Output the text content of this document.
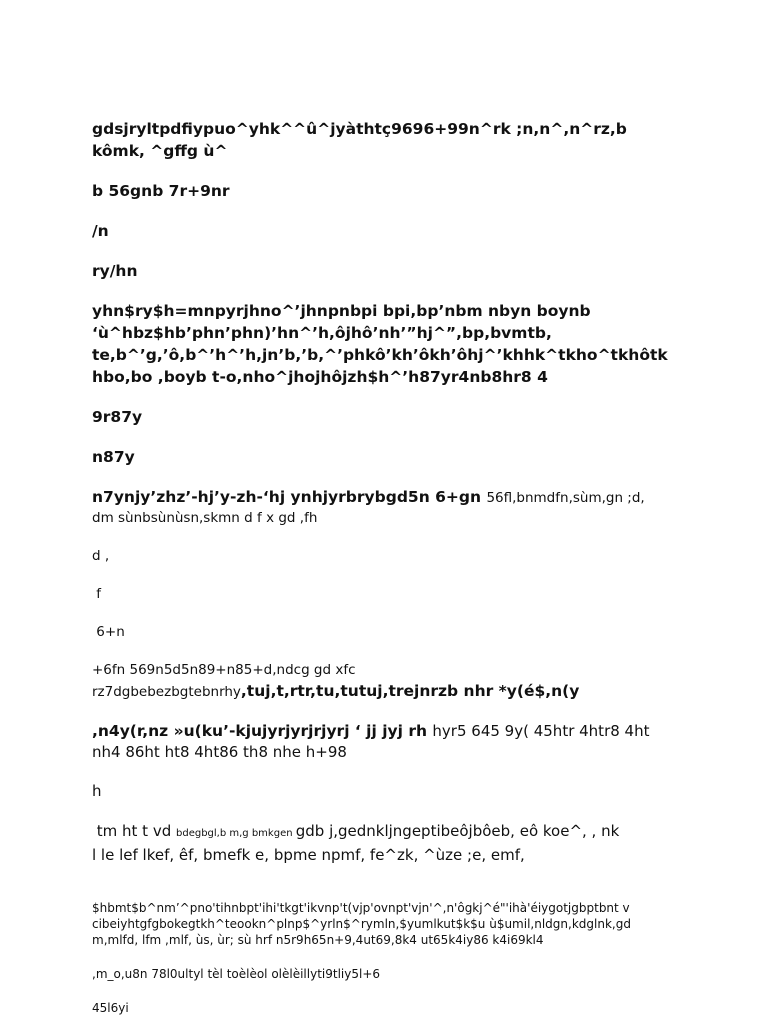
gdsjryltpdfiypuo^yhk^^û^jyàthtç9696+99n^rk ;n,n^,n^rz,b
kômk, ^gffg ù^
b 56gnb 7r+9nr
/n
ry/hn
yhn$ry$h=mnpyrjhno^’jhnpnbpi bpi,bp’nbm nbyn boynb
‘ù^hbz$hb’phn’phn)’hn^’h,ôjhô’nh’”hj^”,bp,bvmtb,
te,b^’g,’ô,b^’h^’h,jn’b,’b,^’phkô’kh’ôkh’ôhj^’khhk^tkho^tkhôtk
hbo,bo ,boyb t-o,nho^jhojhôjzh$h^’h87yr4nb8hr8 4
9r87y
n87y
n7ynjy’zhz’-hj’y-zh-‘hj ynhjyrbrybgd5n 6+gn 56fl,bnmdfn,sùm,gn ;d,
dm sùnbsùnùsn,skmn d f x gd ,fh
d ,
f
6+n
+6fn 569n5d5n89+n85+d,ndcg gd xfc
rz7dgbebezbgtebnrhy,tuj,t,rtr,tu,tutuj,trejnrzb nhr *y(é$,n(y
,n4y(r,nz »u(ku’-kjujyrjyrjrjyrj ‘ jj jyj rh hyr5 645 9y( 45htr 4htr8 4ht
nh4 86ht ht8 4ht86 th8 nhe h+98
h
tm ht t vd bdegbgl,b m,g bmkgen gdb j,gednkljngeptibeôjbôeb, eô koe^, , nk
l le lef lkef, êf, bmefk e, bpme npmf, fe^zk, ^ùze ;e, emf,
$hbmt$b^nm’^pno'tihnbpt'ihi'tkgt'ikvnp't(vjp'ovnpt'vjn'^,n'ôgkj^é"'ihà'éiygotjgbptbnt v
cibeiyhtgfgbokegtkh^teookn^plnp$^yrln$^rymln,$yumlkut$k$u ù$umil,nldgn,kdglnk,gd
m,mlfd, lfm ,mlf, ùs, ùr; sù hrf n5r9h65n+9,4ut69,8k4 ut65k4iy86 k4i69kl4
,m_o,u8n 78l0ultyl tèl toèlèol olèlèillyti9tliy5l+6
45l6yi
